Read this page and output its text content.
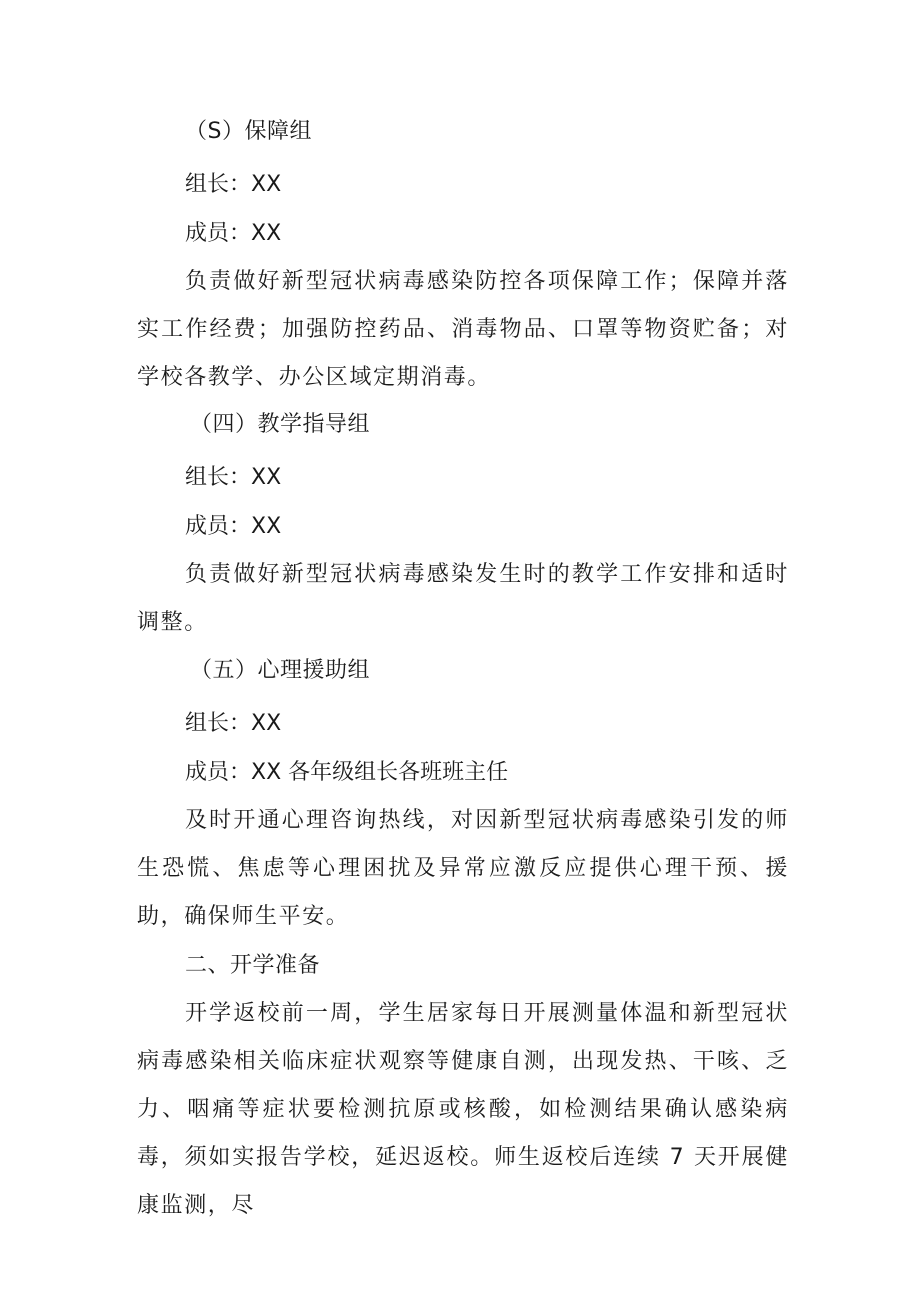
（S）保障组
组长：XX
成员：XX
负责做好新型冠状病毒感染防控各项保障工作；保障并落实工作经费；加强防控药品、消毒物品、口罩等物资贮备；对学校各教学、办公区域定期消毒。
（四）教学指导组
组长：XX
成员：XX
负责做好新型冠状病毒感染发生时的教学工作安排和适时调整。
（五）心理援助组
组长：XX
成员：XX 各年级组长各班班主任
及时开通心理咨询热线，对因新型冠状病毒感染引发的师生恐慌、焦虑等心理困扰及异常应激反应提供心理干预、援助，确保师生平安。
二、开学准备
开学返校前一周，学生居家每日开展测量体温和新型冠状病毒感染相关临床症状观察等健康自测，出现发热、干咳、乏力、咽痛等症状要检测抗原或核酸，如检测结果确认感染病毒，须如实报告学校，延迟返校。师生返校后连续 7 天开展健康监测，尽
